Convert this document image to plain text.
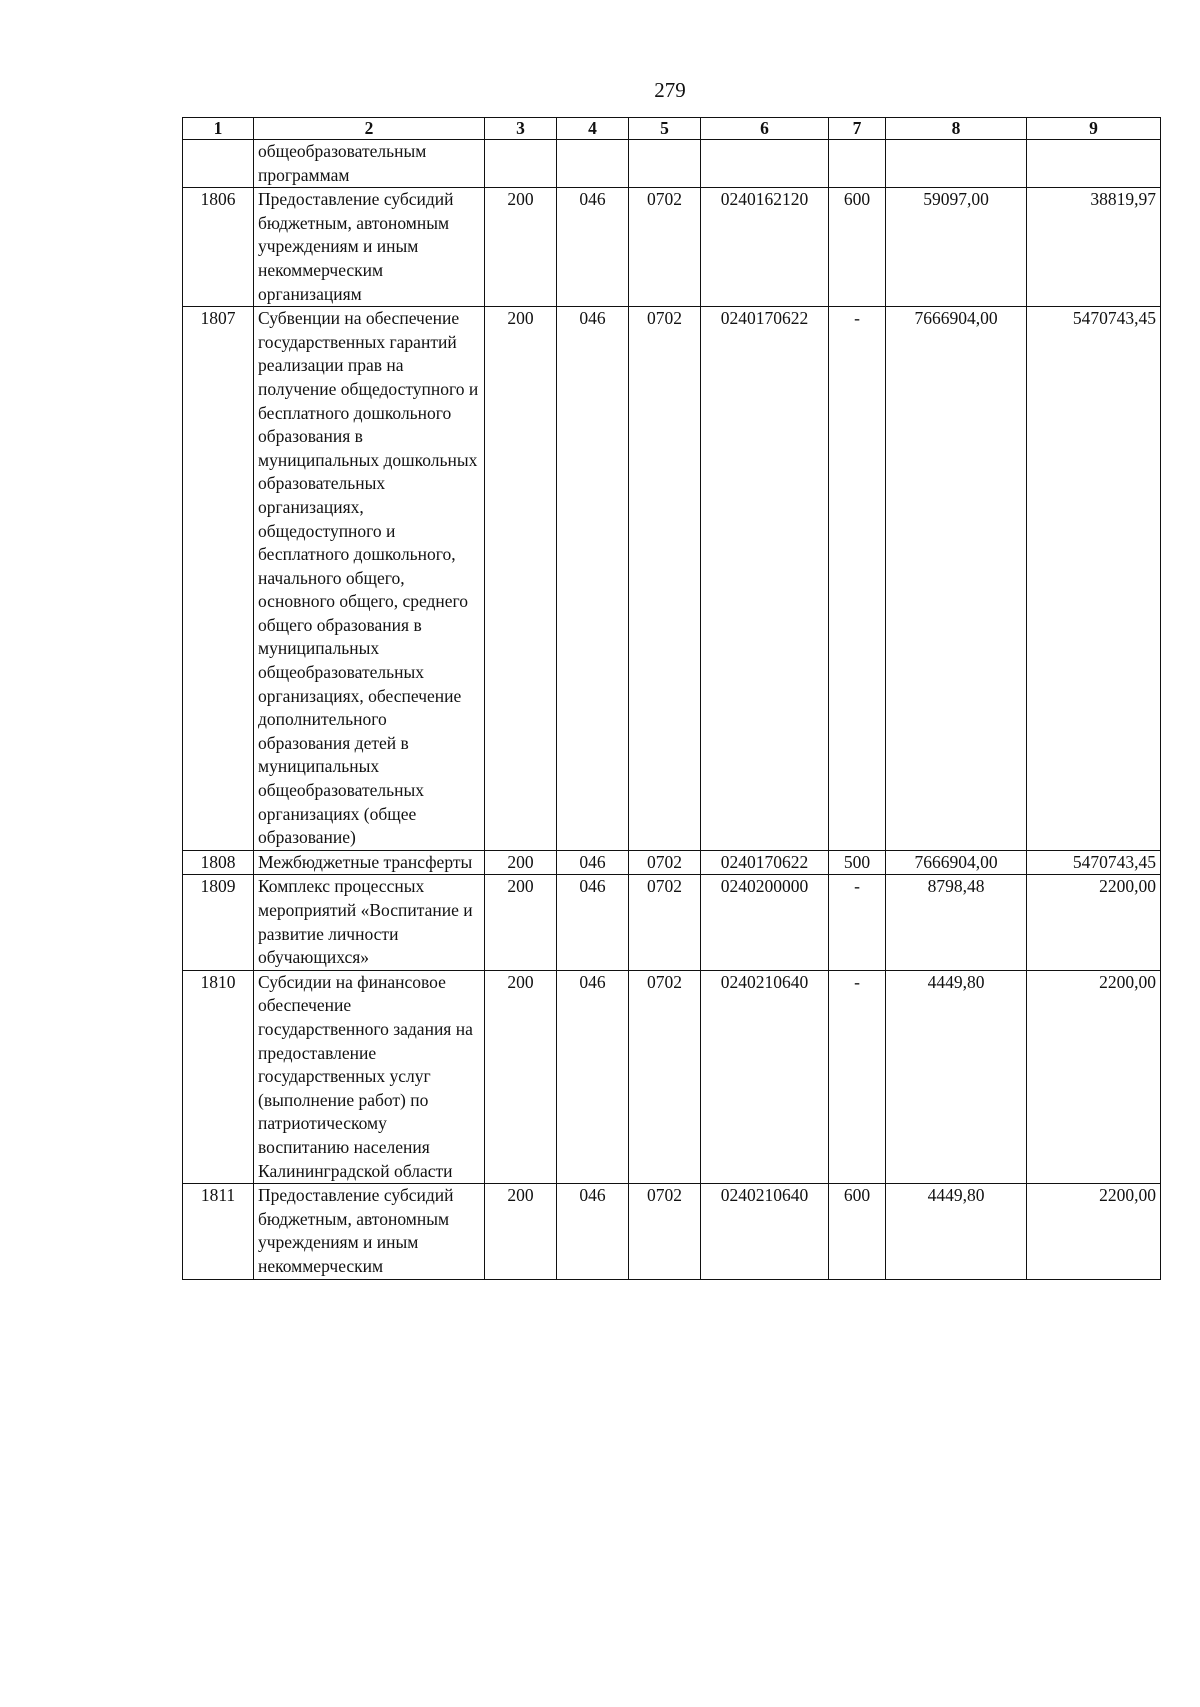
279
1	2	3	4	5	6	7	8	9
	общеобразовательным программам							
1806	Предоставление субсидий бюджетным, автономным учреждениям и иным некоммерческим организациям	200	046	0702	0240162120	600	59097,00	38819,97
1807	Субвенции на обеспечение государственных гарантий реализации прав на получение общедоступного и бесплатного дошкольного образования в муниципальных дошкольных образовательных организациях, общедоступного и бесплатного дошкольного, начального общего, основного общего, среднего общего образования в муниципальных общеобразовательных организациях, обеспечение дополнительного образования детей в муниципальных общеобразовательных организациях (общее образование)	200	046	0702	0240170622	-	7666904,00	5470743,45
1808	Межбюджетные трансферты	200	046	0702	0240170622	500	7666904,00	5470743,45
1809	Комплекс процессных мероприятий «Воспитание и развитие личности обучающихся»	200	046	0702	0240200000	-	8798,48	2200,00
1810	Субсидии на финансовое обеспечение государственного задания на предоставление государственных услуг (выполнение работ) по патриотическому воспитанию населения Калининградской области	200	046	0702	0240210640	-	4449,80	2200,00
1811	Предоставление субсидий бюджетным, автономным учреждениям и иным некоммерческим	200	046	0702	0240210640	600	4449,80	2200,00
